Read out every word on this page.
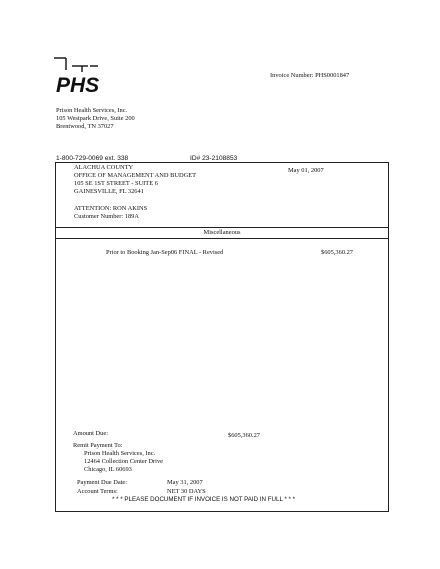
PHS	Invoice Number: PHS0001847
Prison Health Services, Inc.
105 Westpark Drive, Suite 200
Brentwood, TN 37027
1-800-729-0069 ext. 338	ID# 23-2108853
ALACHUA COUNTY
OFFICE OF MANAGEMENT AND BUDGET
105 SE 1ST STREET - SUITE 6
GAINESVILLE, FL 32641
May 01, 2007
ATTENTION: RON AKINS
Customer Number: 189A
Miscellaneous
Prior to Booking Jan-Sep06 FINAL - Revised	$605,360.27
Amount Due:	$605,360.27
Remit Payment To:
Prison Health Services, Inc.
12464 Collection Center Drive
Chicago, IL 60693
Payment Due Date:	May 31, 2007
Account Terms:	NET 30 DAYS
* * * PLEASE DOCUMENT IF INVOICE IS NOT PAID IN FULL * * *
